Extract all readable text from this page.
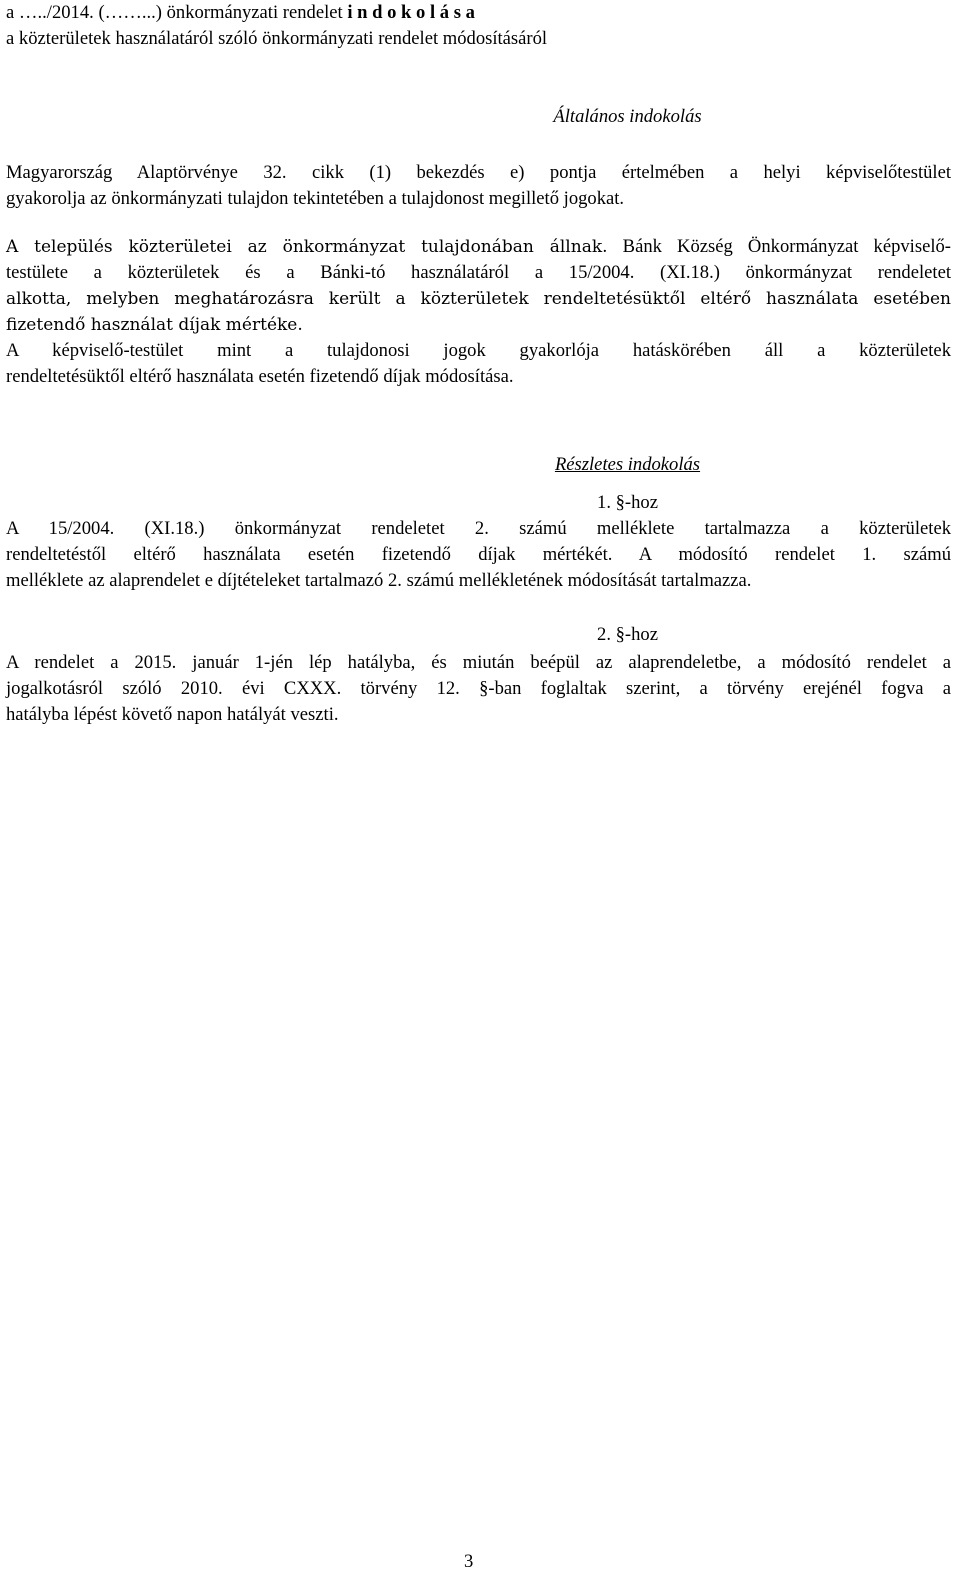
a …../2014. (……...) önkormányzati rendelet i n d o k o l á s a
a közterületek használatáról szóló önkormányzati rendelet módosításáról
Általános indokolás
Magyarország Alaptörvénye 32. cikk (1) bekezdés e) pontja értelmében a helyi képviselőtestület
gyakorolja az önkormányzati tulajdon tekintetében a tulajdonost megillető jogokat.
A település közterületei az önkormányzat tulajdonában állnak. Bánk Község Önkormányzat képviselő-
testülete a közterületek és a Bánki-tó használatáról a 15/2004. (XI.18.) önkormányzat rendeletet
alkotta, melyben meghatározásra került a közterületek rendeltetésüktől eltérő használata esetében
fizetendő használat díjak mértéke.
A képviselő-testület mint a tulajdonosi jogok gyakorlója hatáskörében áll a közterületek
rendeltetésüktől eltérő használata esetén fizetendő díjak módosítása.
Részletes indokolás
1. §-hoz
A 15/2004. (XI.18.) önkormányzat rendeletet 2. számú melléklete tartalmazza a közterületek
rendeltetéstől eltérő használata esetén fizetendő díjak mértékét. A módosító rendelet 1. számú
melléklete az alaprendelet e díjtételeket tartalmazó 2. számú mellékletének módosítását tartalmazza.
2. §-hoz
A rendelet a 2015. január 1-jén lép hatályba, és miután beépül az alaprendeletbe, a módosító rendelet a
jogalkotásról szóló 2010. évi CXXX. törvény 12. §-ban foglaltak szerint, a törvény erejénél fogva a
hatályba lépést követő napon hatályát veszti.
3
